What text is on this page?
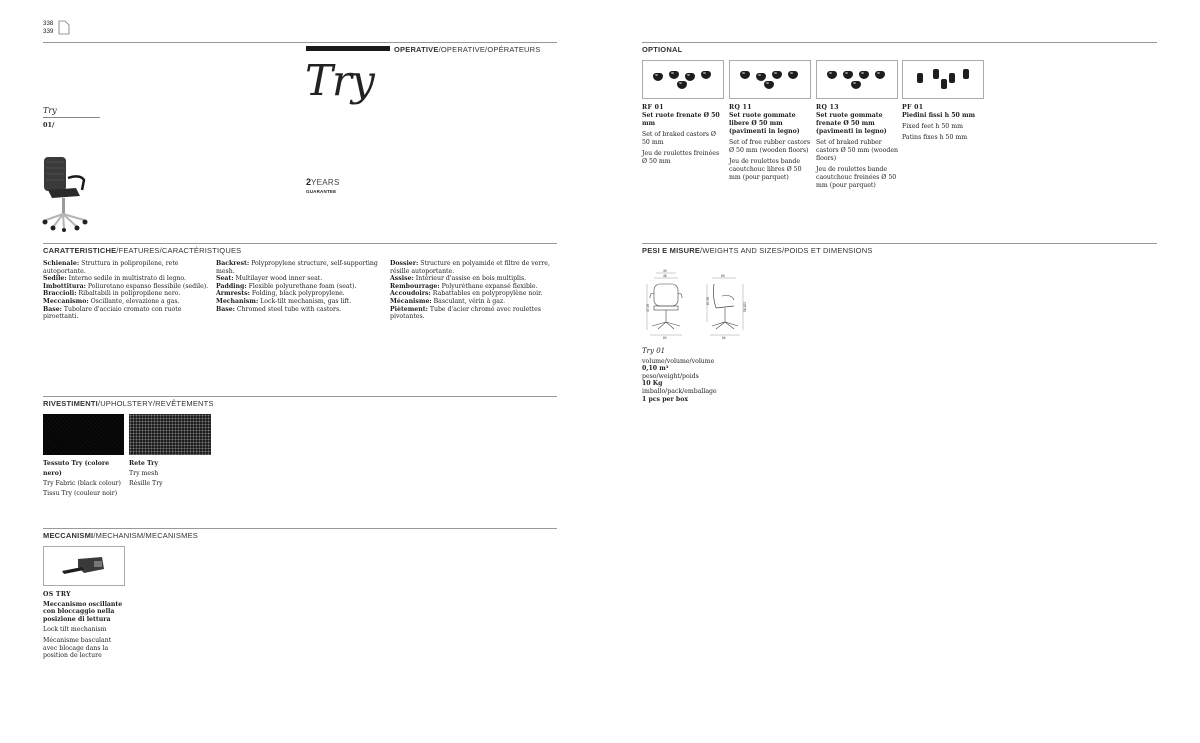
338
339
OPERATIVE/OPERATIVE/OPÉRATEURS
Try
Try
01/
2YEARS
GUARANTEE
CARATTERISTICHE/FEATURES/CARACTÉRISTIQUES

Schienale: Struttura in polipropilene, rete autoportante.

Sedile: Interno sedile in multistrato di legno.

Imbottitura: Poliuretano espanso flessibile (sedile).

Braccioli: Ribaltabili in polipropilene nero.

Meccanismo: Oscillante, elevazione a gas.

Base: Tubolare d'acciaio cromato con ruote piroettanti.

Backrest: Polypropylene structure, self-supporting mesh.

Seat: Multilayer wood inner seat.

Padding: Flexible polyurethane foam (seat).

Armrests: Folding, black polypropylene.

Mechanism: Lock-tilt mechanism, gas lift.

Base: Chromed steel tube with castors.

Dossier: Structure en polyamide et filtre de verre, résille autoportante.

Assise: Intérieur d'assise en bois multiplis.

Rembourrage: Polyuréthane expansé flexible.

Accoudoirs: Rabattables en polypropylène noir.

Mécanisme: Basculant, vérin à gaz.

Piètement: Tube d'acier chromé avec roulettes pivotantes.

RIVESTIMENTI/UPHOLSTERY/REVÊTEMENTS
Tessuto Try (colore nero)
Try Fabric (black colour)
Tissu Try (couleur noir)
Rete Try
Try mesh
Résille Try
MECCANISMI/MECHANISM/MECANISMES
OS TRY
Meccanismo oscillante con bloccaggio nella posizione di lettura
Lock tilt mechanism
Mécanisme basculant avec blocage dans la position de lecture
OPTIONAL
RF 01
Set ruote frenate Ø 50 mm
Set of braked castors Ø 50 mm
Jeu de roulettes freinées Ø 50 mm
RQ 11
Set ruote gommate libere Ø 50 mm (pavimenti in legno)
Set of free rubber castors Ø 50 mm (wooden floors)
Jeu de roulettes bande caoutchouc libres Ø 50 mm (pour parquet)
RQ 13
Set ruote gommate frenate Ø 50 mm (pavimenti in legno)
Set of braked rubber castors Ø 50 mm (wooden floors)
Jeu de roulettes bande caoutchouc freinées Ø 50 mm (pour parquet)
PF 01
Piedini fissi h 50 mm
Fixed feet h 50 mm
Patins fixes h 50 mm
PESI E MISURE/WEIGHTS AND SIZES/POIDS ET DIMENSIONS
49
46
47-59
60
63
87-99
96-101
64
Try 01
volume/volume/volume
0,10 m³
peso/weight/poids
10 Kg
imballo/pack/emballage
1 pcs per box
